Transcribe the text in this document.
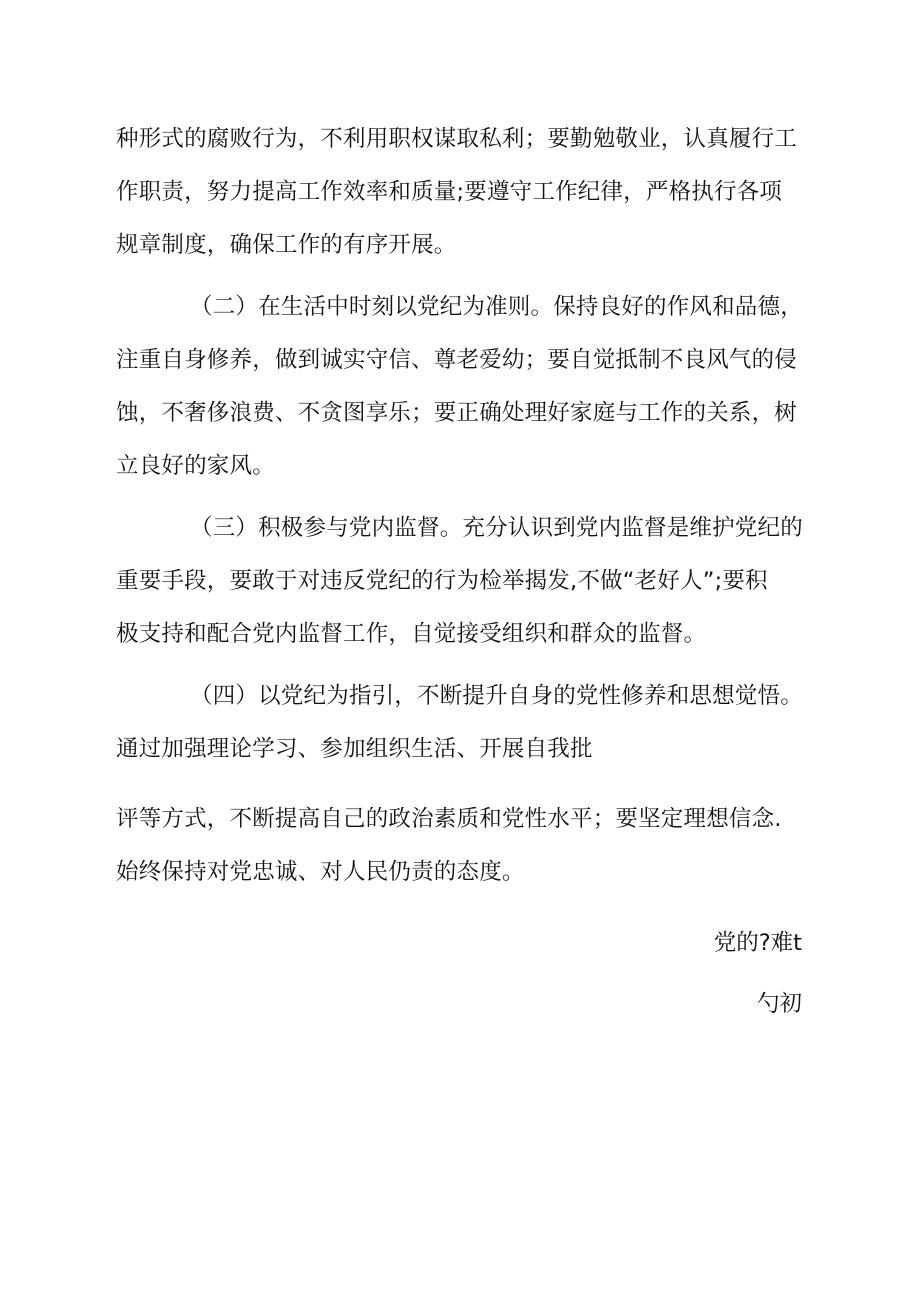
种形式的腐败行为，不利用职权谋取私利；要勤勉敬业，认真履行工
作职责，努力提高工作效率和质量;要遵守工作纪律，严格执行各项
规章制度，确保工作的有序开展。

（二）在生活中时刻以党纪为准则。保持良好的作风和品德，
注重自身修养，做到诚实守信、尊老爱幼；要自觉抵制不良风气的侵
蚀，不奢侈浪费、不贪图享乐；要正确处理好家庭与工作的关系，树
立良好的家风。

（三）积极参与党内监督。充分认识到党内监督是维护党纪的
重要手段，要敢于对违反党纪的行为检举揭发,不做“老好人”;要积
极支持和配合党内监督工作，自觉接受组织和群众的监督。

（四）以党纪为指引，不断提升自身的党性修养和思想觉悟。
通过加强理论学习、参加组织生活、开展自我批

评等方式，不断提高自己的政治素质和党性水平；要坚定理想信念.
始终保持对党忠诚、对人民仍责的态度。

党的?难t

勺初
